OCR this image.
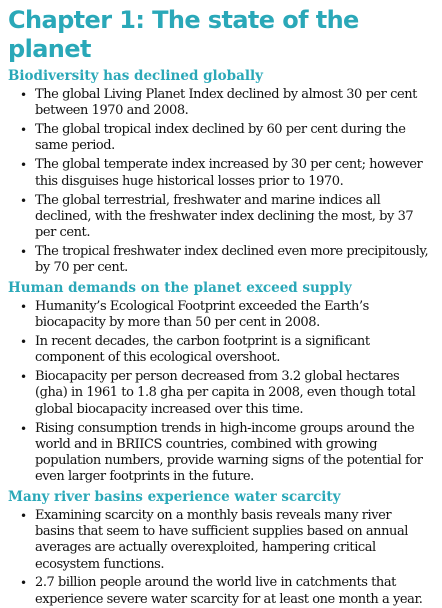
Chapter 1: The state of the planet
Biodiversity has declined globally
• The global Living Planet Index declined by almost 30 per cent between 1970 and 2008.
• The global tropical index declined by 60 per cent during the same period.
• The global temperate index increased by 30 per cent; however this disguises huge historical losses prior to 1970.
• The global terrestrial, freshwater and marine indices all declined, with the freshwater index declining the most, by 37 per cent.
• The tropical freshwater index declined even more precipitously, by 70 per cent.
Human demands on the planet exceed supply
• Humanity’s Ecological Footprint exceeded the Earth’s biocapacity by more than 50 per cent in 2008.
• In recent decades, the carbon footprint is a significant component of this ecological overshoot.
• Biocapacity per person decreased from 3.2 global hectares (gha) in 1961 to 1.8 gha per capita in 2008, even though total global biocapacity increased over this time.
• Rising consumption trends in high-income groups around the world and in BRIICS countries, combined with growing population numbers, provide warning signs of the potential for even larger footprints in the future.
Many river basins experience water scarcity
• Examining scarcity on a monthly basis reveals many river basins that seem to have sufficient supplies based on annual averages are actually overexploited, hampering critical ecosystem functions.
• 2.7 billion people around the world live in catchments that experience severe water scarcity for at least one month a year.
